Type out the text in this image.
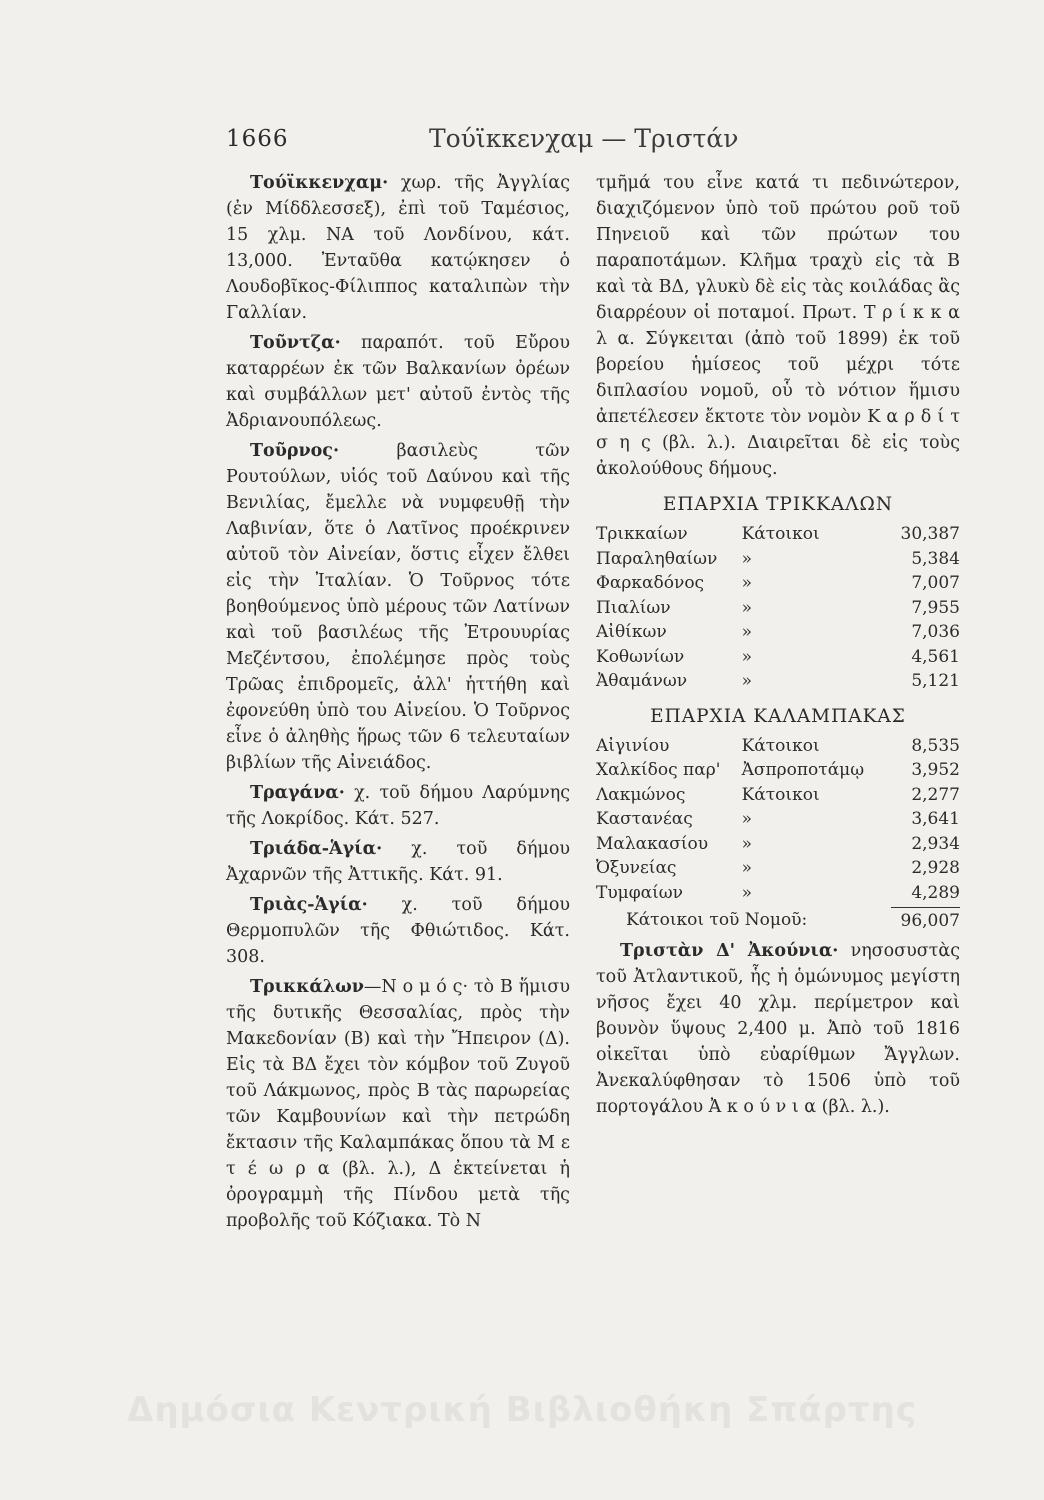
1666	Τούϊκκενχαμ — Τριστάν

Τούϊκκενχαμ· χωρ. τῆς Ἀγγλίας (ἐν Μίδδλεσσεξ), ἐπὶ τοῦ Ταμέσιος, 15 χλμ. ΝΑ τοῦ Λονδίνου, κάτ. 13,000. Ἐνταῦθα κατῴκησεν ὁ Λουδοβῖκος-Φίλιππος καταλιπὼν τὴν Γαλλίαν.

Τοῦντζα· παραπότ. τοῦ Εὔρου καταρρέων ἐκ τῶν Βαλκανίων ὀρέων καὶ συμβάλλων μετ' αὐτοῦ ἐντὸς τῆς Ἀδριανουπόλεως.

Τοῦρνος· βασιλεὺς τῶν Ρουτούλων, υἱός τοῦ Δαύνου καὶ τῆς Βενιλίας, ἔμελλε νὰ νυμφευθῇ τὴν Λαβινίαν, ὅτε ὁ Λατῖνος προέκρινεν αὐτοῦ τὸν Αἰνείαν, ὅστις εἶχεν ἔλθει εἰς τὴν Ἰταλίαν. Ὁ Τοῦρνος τότε βοηθούμενος ὑπὸ μέρους τῶν Λατίνων καὶ τοῦ βασιλέως τῆς Ἐτρουυρίας Μεζέντσου, ἐπολέμησε πρὸς τοὺς Τρῶας ἐπιδρομεῖς, ἀλλ' ἡττήθη καὶ ἐφονεύθη ὑπὸ του Αἰνείου. Ὁ Τοῦρνος εἶνε ὁ ἀληθὴς ἥρως τῶν 6 τελευταίων βιβλίων τῆς Αἰνειάδος.

Τραγάνα· χ. τοῦ δήμου Λαρύμνης τῆς Λοκρίδος. Κάτ. 527.

Τριάδα-Ἁγία· χ. τοῦ δήμου Ἀχαρνῶν τῆς Ἀττικῆς. Κάτ. 91.

Τριὰς-Ἁγία· χ. τοῦ δήμου Θερμοπυλῶν τῆς Φθιώτιδος. Κάτ. 308.

Τρικκάλων—Ν ο μ ό ς· τὸ Β ἥμισυ τῆς δυτικῆς Θεσσαλίας, πρὸς τὴν Μακεδονίαν (Β) καὶ τὴν Ἤπειρον (Δ). Εἰς τὰ ΒΔ ἔχει τὸν κόμβον τοῦ Ζυγοῦ τοῦ Λάκμωνος, πρὸς Β τὰς παρωρείας τῶν Καμβουνίων καὶ τὴν πετρώδη ἔκτασιν τῆς Καλαμπάκας ὅπου τὰ Μ ε τ έ ω ρ α (βλ. λ.), Δ ἐκτείνεται ἡ ὀρογραμμὴ τῆς Πίνδου μετὰ τῆς προβολῆς τοῦ Κόζιακα. Τὸ Ν

τμῆμά του εἶνε κατά τι πεδινώτερον, διαχιζόμενον ὑπὸ τοῦ πρώτου ροῦ τοῦ Πηνειοῦ καὶ τῶν πρώτων του παραποτάμων. Κλῆμα τραχὺ εἰς τὰ Β καὶ τὰ ΒΔ, γλυκὺ δὲ εἰς τὰς κοιλάδας ἃς διαρρέουν οἱ ποταμοί. Πρωτ. Τ ρ ί κ κ α λ α. Σύγκειται (ἀπὸ τοῦ 1899) ἐκ τοῦ βορείου ἡμίσεος τοῦ μέχρι τότε διπλασίου νομοῦ, οὗ τὸ νότιον ἥμισυ ἀπετέλεσεν ἔκτοτε τὸν νομὸν Κ α ρ δ ί τ σ η ς (βλ. λ.). Διαιρεῖται δὲ εἰς τοὺς ἀκολούθους δήμους.

ΕΠΑΡΧΙΑ ΤΡΙΚΚΑΛΩΝ
Τρικκαίων	Κάτοικοι	30,387
Παραληθαίων	»	5,384
Φαρκαδόνος	»	7,007
Πιαλίων	»	7,955
Αἰθίκων	»	7,036
Κοθωνίων	»	4,561
Ἀθαμάνων	»	5,121
ΕΠΑΡΧΙΑ ΚΑΛΑΜΠΑΚΑΣ
Αἰγινίου	Κάτοικοι	8,535
Χαλκίδος παρ'	Ἀσπροποτάμῳ	3,952
Λακμώνος	Κάτοικοι	2,277
Καστανέας	»	3,641
Μαλακασίου	»	2,934
Ὀξυνείας	»	2,928
Τυμφαίων	»	4,289
Κάτοικοι τοῦ Νομοῦ:	96,007

Τριστὰν Δ' Ἀκούνια· νησοσυστὰς τοῦ Ἀτλαντικοῦ, ἧς ἡ ὁμώνυμος μεγίστη νῆσος ἔχει 40 χλμ. περίμετρον καὶ βουνὸν ὕψους 2,400 μ. Ἀπὸ τοῦ 1816 οἰκεῖται ὑπὸ εὐαρίθμων Ἄγγλων. Ἀνεκαλύφθησαν τὸ 1506 ὑπὸ τοῦ πορτογάλου Ἀ κ ο ύ ν ι α (βλ. λ.).

Δημόσια Κεντρική Βιβλιοθήκη Σπάρτης
